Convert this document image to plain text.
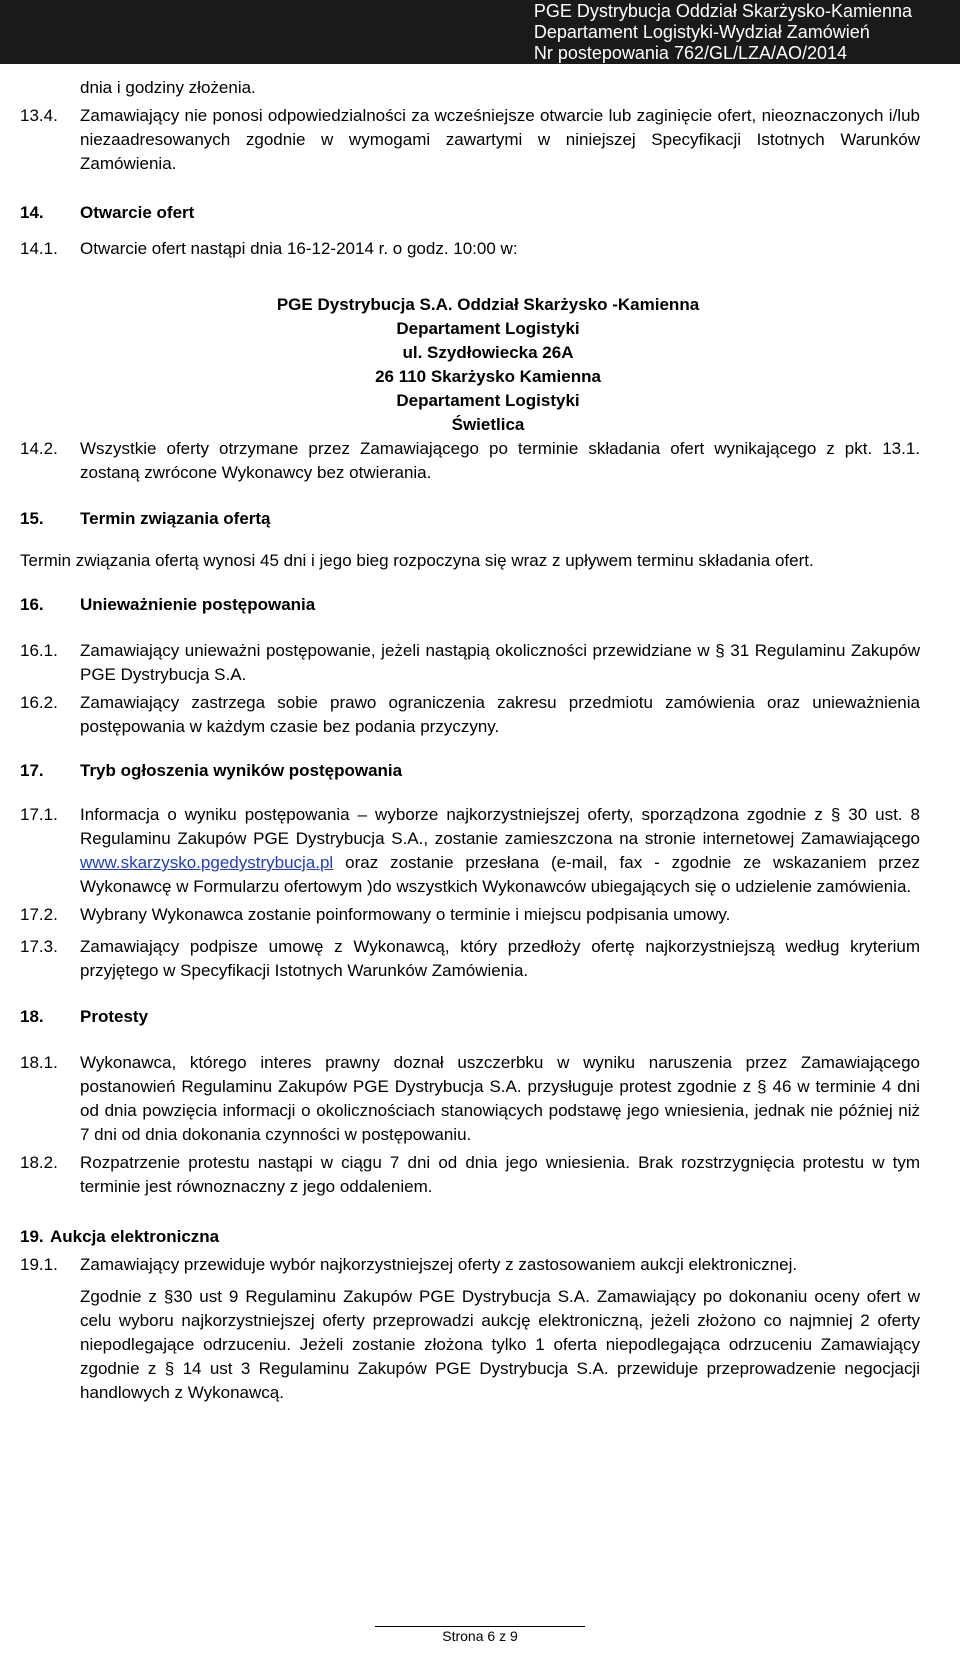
PGE Dystrybucja Oddział Skarżysko-Kamienna
Departament Logistyki-Wydział Zamówień
Nr postepowania 762/GL/LZA/AO/2014
dnia i godziny złożenia.
13.4.	Zamawiający nie ponosi odpowiedzialności za wcześniejsze otwarcie lub zaginięcie ofert, nieoznaczonych i/lub niezaadresowanych zgodnie w wymogami zawartymi w niniejszej Specyfikacji Istotnych Warunków Zamówienia.
14.	Otwarcie ofert
14.1.	Otwarcie ofert nastąpi dnia 16-12-2014 r. o godz. 10:00 w:
PGE Dystrybucja S.A. Oddział Skarżysko -Kamienna
Departament Logistyki
ul. Szydłowiecka 26A
26 110 Skarżysko Kamienna
Departament Logistyki
Świetlica
14.2.	Wszystkie oferty otrzymane przez Zamawiającego po terminie składania ofert wynikającego z pkt. 13.1. zostaną zwrócone Wykonawcy bez otwierania.
15.	Termin związania ofertą
Termin związania ofertą wynosi 45 dni i jego bieg rozpoczyna się wraz z upływem terminu składania ofert.
16.	Unieważnienie postępowania
16.1.	Zamawiający unieważni postępowanie, jeżeli nastąpią okoliczności przewidziane w § 31 Regulaminu Zakupów PGE Dystrybucja S.A.
16.2.	Zamawiający zastrzega sobie prawo ograniczenia zakresu przedmiotu zamówienia oraz unieważnienia postępowania w każdym czasie bez podania przyczyny.
17.	Tryb ogłoszenia wyników postępowania
17.1.	Informacja o wyniku postępowania – wyborze najkorzystniejszej oferty, sporządzona zgodnie z § 30 ust. 8 Regulaminu Zakupów PGE Dystrybucja S.A., zostanie zamieszczona na stronie internetowej Zamawiającego www.skarzysko.pgedystrybucja.pl oraz zostanie przesłana (e-mail, fax - zgodnie ze wskazaniem przez Wykonawcę w Formularzu ofertowym )do wszystkich Wykonawców ubiegających się o udzielenie zamówienia.
17.2.	Wybrany Wykonawca zostanie poinformowany o terminie i miejscu podpisania umowy.
17.3.	Zamawiający podpisze umowę z Wykonawcą, który przedłoży ofertę najkorzystniejszą według kryterium przyjętego w Specyfikacji Istotnych Warunków Zamówienia.
18.	Protesty
18.1.	Wykonawca, którego interes prawny doznał uszczerbku w wyniku naruszenia przez Zamawiającego postanowień Regulaminu Zakupów PGE Dystrybucja S.A. przysługuje protest zgodnie z § 46 w terminie 4 dni od dnia powzięcia informacji o okolicznościach stanowiących podstawę jego wniesienia, jednak nie później niż 7 dni od dnia dokonania czynności w postępowaniu.
18.2.	Rozpatrzenie protestu nastąpi w ciągu 7 dni od dnia jego wniesienia. Brak rozstrzygnięcia protestu w tym terminie jest równoznaczny z jego oddaleniem.
19. Aukcja elektroniczna
19.1.	Zamawiający przewiduje wybór najkorzystniejszej oferty z zastosowaniem aukcji elektronicznej.
Zgodnie z §30 ust 9 Regulaminu Zakupów PGE Dystrybucja S.A. Zamawiający po dokonaniu oceny ofert w celu wyboru najkorzystniejszej oferty przeprowadzi aukcję elektroniczną, jeżeli złożono co najmniej 2 oferty niepodlegające odrzuceniu. Jeżeli zostanie złożona tylko 1 oferta niepodlegająca odrzuceniu Zamawiający zgodnie z § 14 ust 3 Regulaminu Zakupów PGE Dystrybucja S.A. przewiduje przeprowadzenie negocjacji handlowych z Wykonawcą.
Strona 6 z 9
